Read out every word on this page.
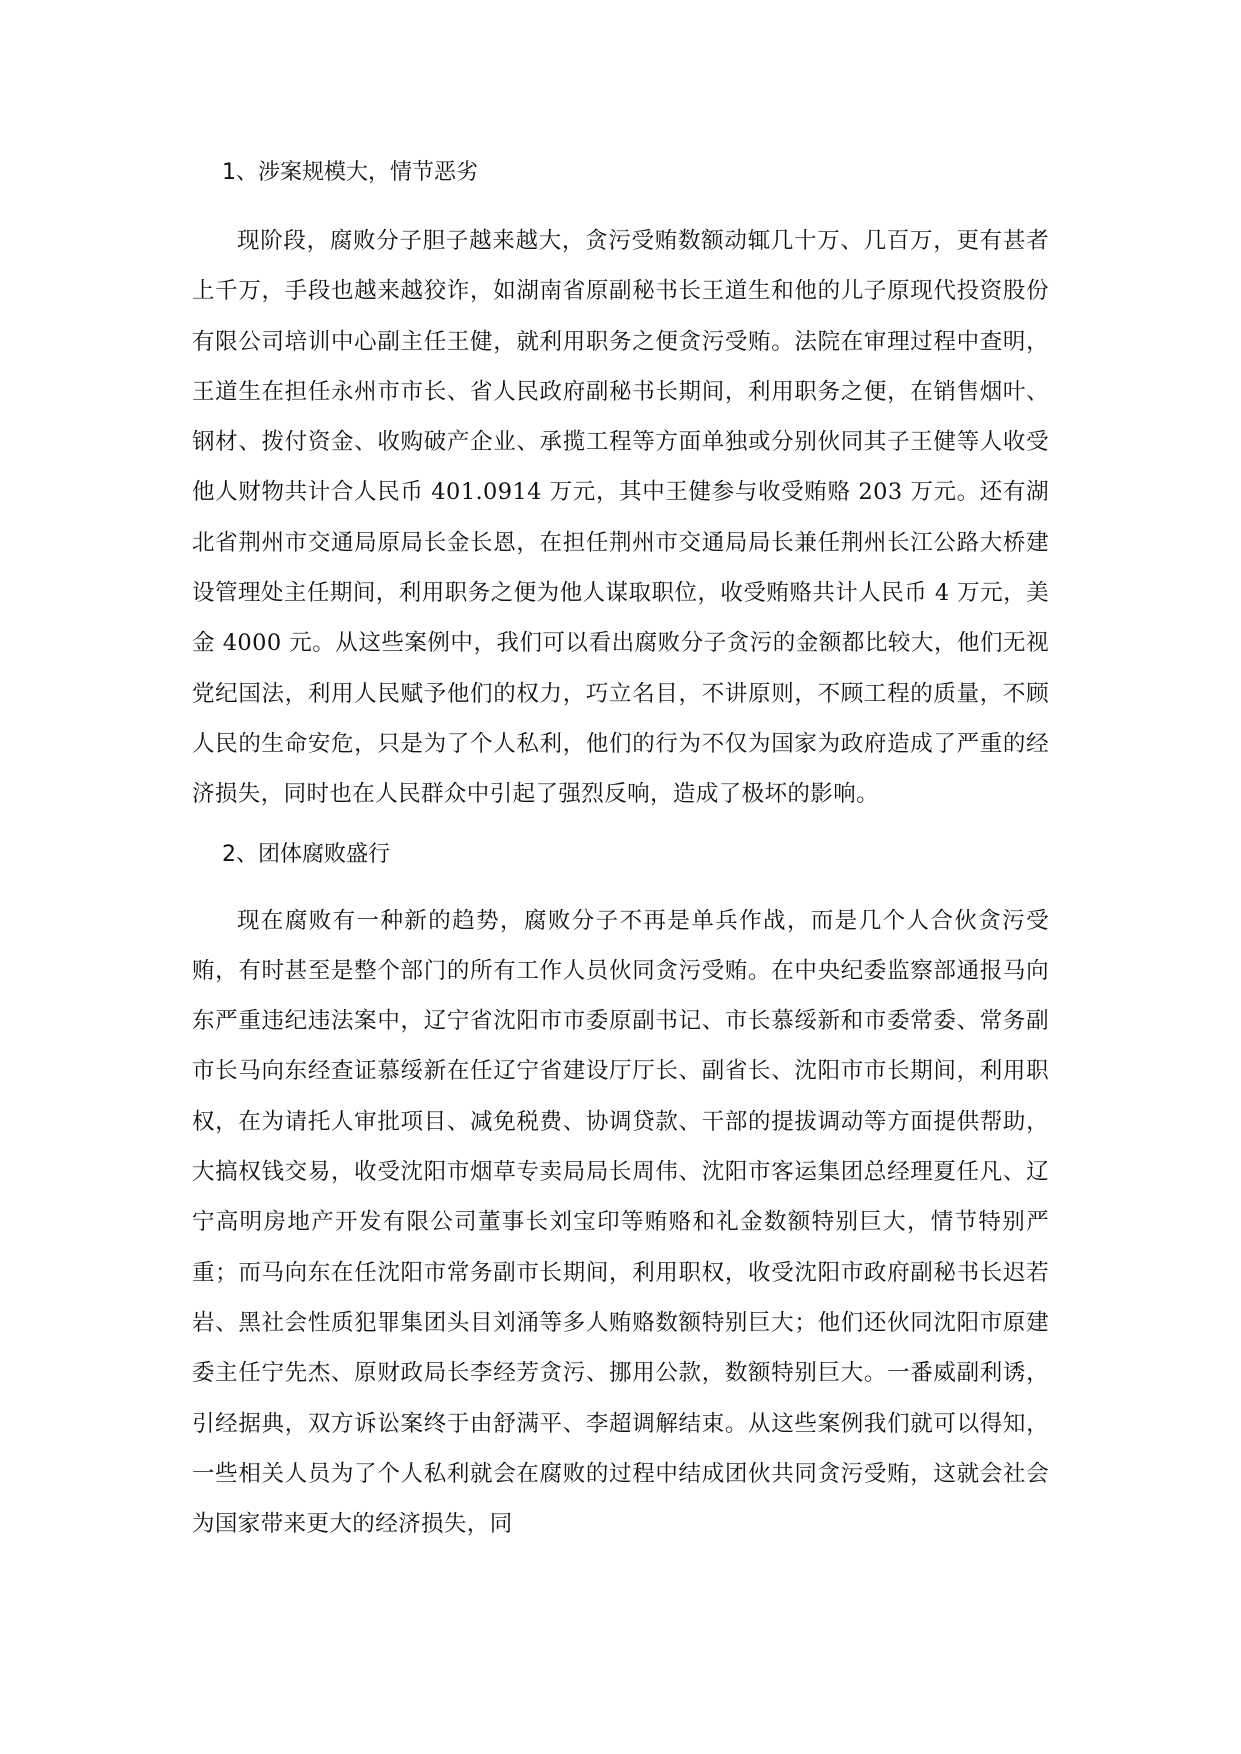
1、涉案规模大，情节恶劣

现阶段，腐败分子胆子越来越大，贪污受贿数额动辄几十万、几百万，更有甚者上千万，手段也越来越狡诈，如湖南省原副秘书长王道生和他的儿子原现代投资股份有限公司培训中心副主任王健，就利用职务之便贪污受贿。法院在审理过程中查明，王道生在担任永州市市长、省人民政府副秘书长期间，利用职务之便，在销售烟叶、钢材、拨付资金、收购破产企业、承揽工程等方面单独或分别伙同其子王健等人收受他人财物共计合人民币 401.0914 万元，其中王健参与收受贿赂 203 万元。还有湖北省荆州市交通局原局长金长恩，在担任荆州市交通局局长兼任荆州长江公路大桥建设管理处主任期间，利用职务之便为他人谋取职位，收受贿赂共计人民币 4 万元，美金 4000 元。从这些案例中，我们可以看出腐败分子贪污的金额都比较大，他们无视党纪国法，利用人民赋予他们的权力，巧立名目，不讲原则，不顾工程的质量，不顾人民的生命安危，只是为了个人私利，他们的行为不仅为国家为政府造成了严重的经济损失，同时也在人民群众中引起了强烈反响，造成了极坏的影响。

2、团体腐败盛行

现在腐败有一种新的趋势，腐败分子不再是单兵作战，而是几个人合伙贪污受贿，有时甚至是整个部门的所有工作人员伙同贪污受贿。在中央纪委监察部通报马向东严重违纪违法案中，辽宁省沈阳市市委原副书记、市长慕绥新和市委常委、常务副市长马向东经查证慕绥新在任辽宁省建设厅厅长、副省长、沈阳市市长期间，利用职权，在为请托人审批项目、减免税费、协调贷款、干部的提拔调动等方面提供帮助，大搞权钱交易，收受沈阳市烟草专卖局局长周伟、沈阳市客运集团总经理夏任凡、辽宁高明房地产开发有限公司董事长刘宝印等贿赂和礼金数额特别巨大，情节特别严重；而马向东在任沈阳市常务副市长期间，利用职权，收受沈阳市政府副秘书长迟若岩、黑社会性质犯罪集团头目刘涌等多人贿赂数额特别巨大；他们还伙同沈阳市原建委主任宁先杰、原财政局长李经芳贪污、挪用公款，数额特别巨大。一番威副利诱，引经据典，双方诉讼案终于由舒满平、李超调解结束。从这些案例我们就可以得知，一些相关人员为了个人私利就会在腐败的过程中结成团伙共同贪污受贿，这就会社会为国家带来更大的经济损失，同
